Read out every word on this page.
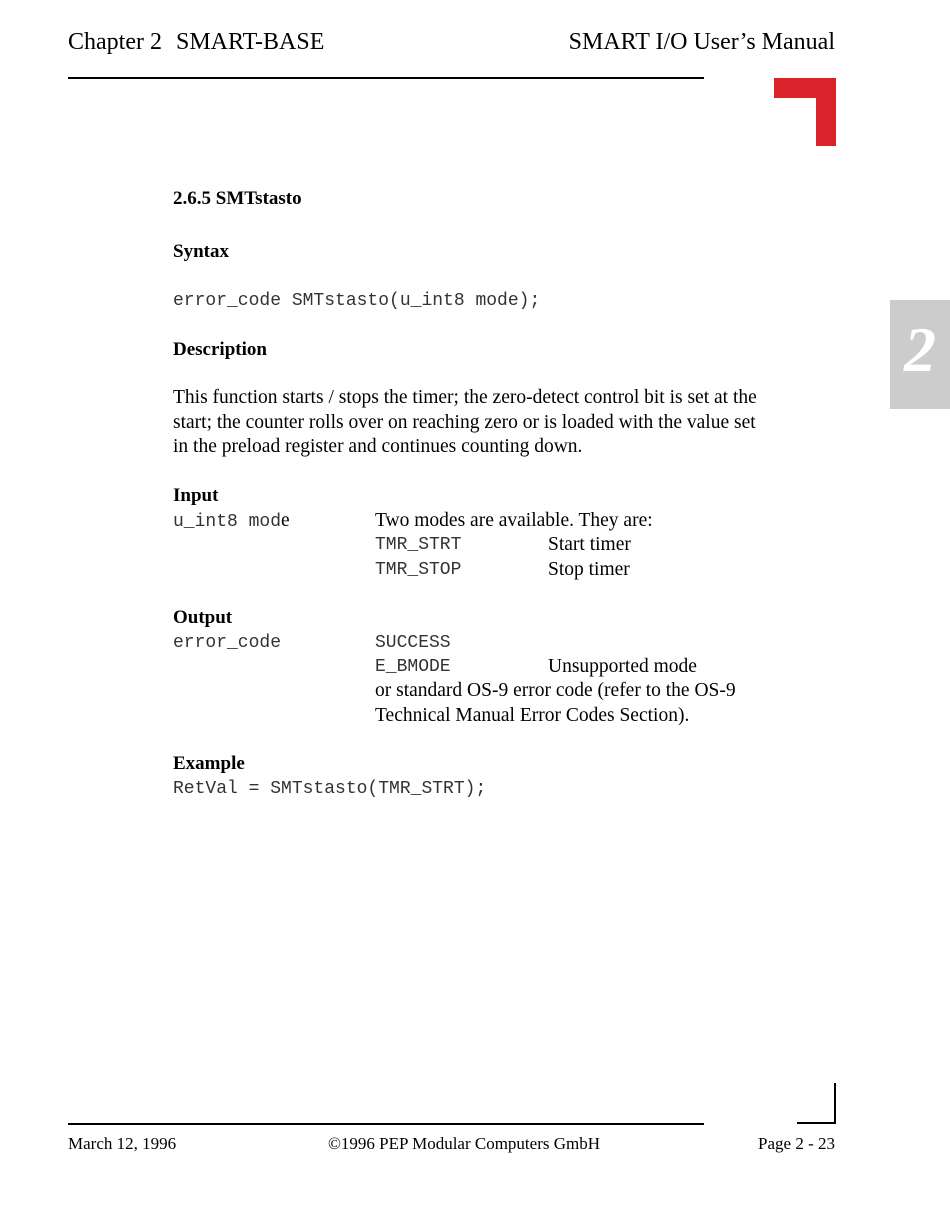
Chapter 2 SMART-BASE	SMART I/O User’s Manual
2
2.6.5 SMTstasto
Syntax
error_code SMTstasto(u_int8 mode);
Description
This function starts / stops the timer; the zero-detect control bit is set at the
start; the counter rolls over on reaching zero or is loaded with the value set
in the preload register and continues counting down.
Input
u_int8 mode	Two modes are available. They are:
TMR_STRT	Start timer
TMR_STOP	Stop timer
Output
error_code	SUCCESS
E_BMODE	Unsupported mode
or standard OS-9 error code (refer to the OS-9
Technical Manual Error Codes Section).
Example
RetVal = SMTstasto(TMR_STRT);
March 12, 1996	©1996 PEP Modular Computers GmbH	Page 2 - 23
